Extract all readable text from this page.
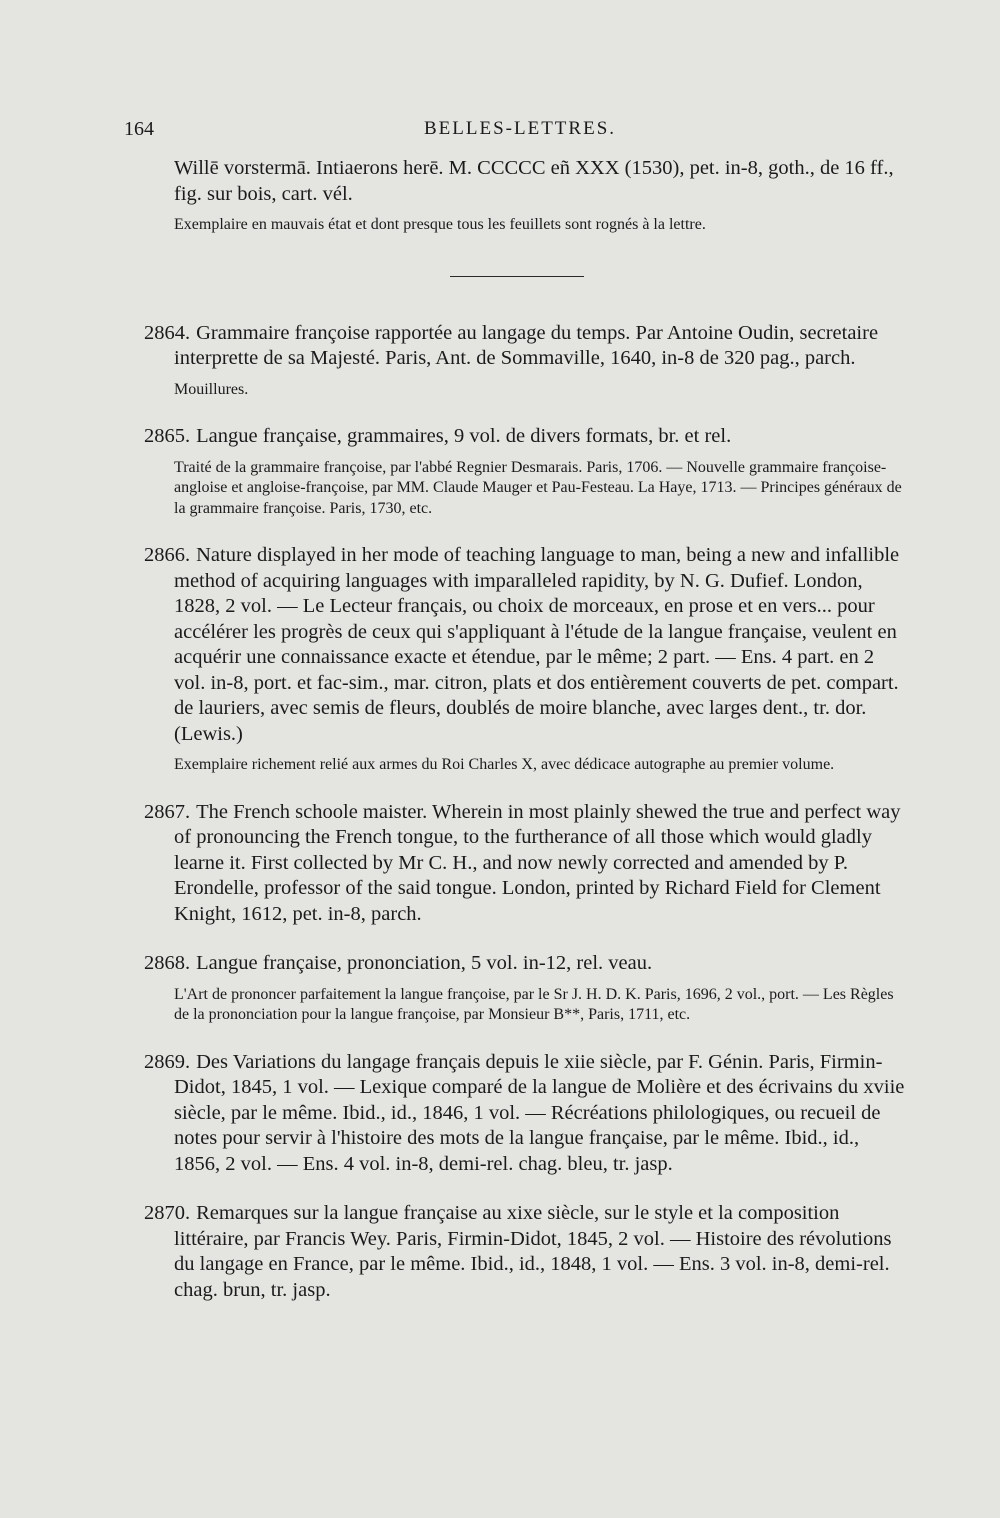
164	BELLES-LETTRES.

Willē vorstermā. Intiaerons herē. M. CCCCC eñ XXX (1530), pet. in-8, goth., de 16 ff., fig. sur bois, cart. vél.

Exemplaire en mauvais état et dont presque tous les feuillets sont rognés à la lettre.

2864. Grammaire françoise rapportée au langage du temps. Par Antoine Oudin, secretaire interprette de sa Majesté. Paris, Ant. de Sommaville, 1640, in-8 de 320 pag., parch.

Mouillures.

2865. Langue française, grammaires, 9 vol. de divers formats, br. et rel.

Traité de la grammaire françoise, par l'abbé Regnier Desmarais. Paris, 1706. — Nouvelle grammaire françoise-angloise et angloise-françoise, par MM. Claude Mauger et Pau-Festeau. La Haye, 1713. — Principes généraux de la grammaire françoise. Paris, 1730, etc.

2866. Nature displayed in her mode of teaching language to man, being a new and infallible method of acquiring languages with imparalleled rapidity, by N. G. Dufief. London, 1828, 2 vol. — Le Lecteur français, ou choix de morceaux, en prose et en vers... pour accélérer les progrès de ceux qui s'appliquant à l'étude de la langue française, veulent en acquérir une connaissance exacte et étendue, par le même; 2 part. — Ens. 4 part. en 2 vol. in-8, port. et fac-sim., mar. citron, plats et dos entièrement couverts de pet. compart. de lauriers, avec semis de fleurs, doublés de moire blanche, avec larges dent., tr. dor. (Lewis.)

Exemplaire richement relié aux armes du Roi Charles X, avec dédicace autographe au premier volume.

2867. The French schoole maister. Wherein in most plainly shewed the true and perfect way of pronouncing the French tongue, to the furtherance of all those which would gladly learne it. First collected by Mr C. H., and now newly corrected and amended by P. Erondelle, professor of the said tongue. London, printed by Richard Field for Clement Knight, 1612, pet. in-8, parch.

2868. Langue française, prononciation, 5 vol. in-12, rel. veau.

L'Art de prononcer parfaitement la langue françoise, par le Sr J. H. D. K. Paris, 1696, 2 vol., port. — Les Règles de la prononciation pour la langue françoise, par Monsieur B**, Paris, 1711, etc.

2869. Des Variations du langage français depuis le xiie siècle, par F. Génin. Paris, Firmin-Didot, 1845, 1 vol. — Lexique comparé de la langue de Molière et des écrivains du xviie siècle, par le même. Ibid., id., 1846, 1 vol. — Récréations philologiques, ou recueil de notes pour servir à l'histoire des mots de la langue française, par le même. Ibid., id., 1856, 2 vol. — Ens. 4 vol. in-8, demi-rel. chag. bleu, tr. jasp.

2870. Remarques sur la langue française au xixe siècle, sur le style et la composition littéraire, par Francis Wey. Paris, Firmin-Didot, 1845, 2 vol. — Histoire des révolutions du langage en France, par le même. Ibid., id., 1848, 1 vol. — Ens. 3 vol. in-8, demi-rel. chag. brun, tr. jasp.
